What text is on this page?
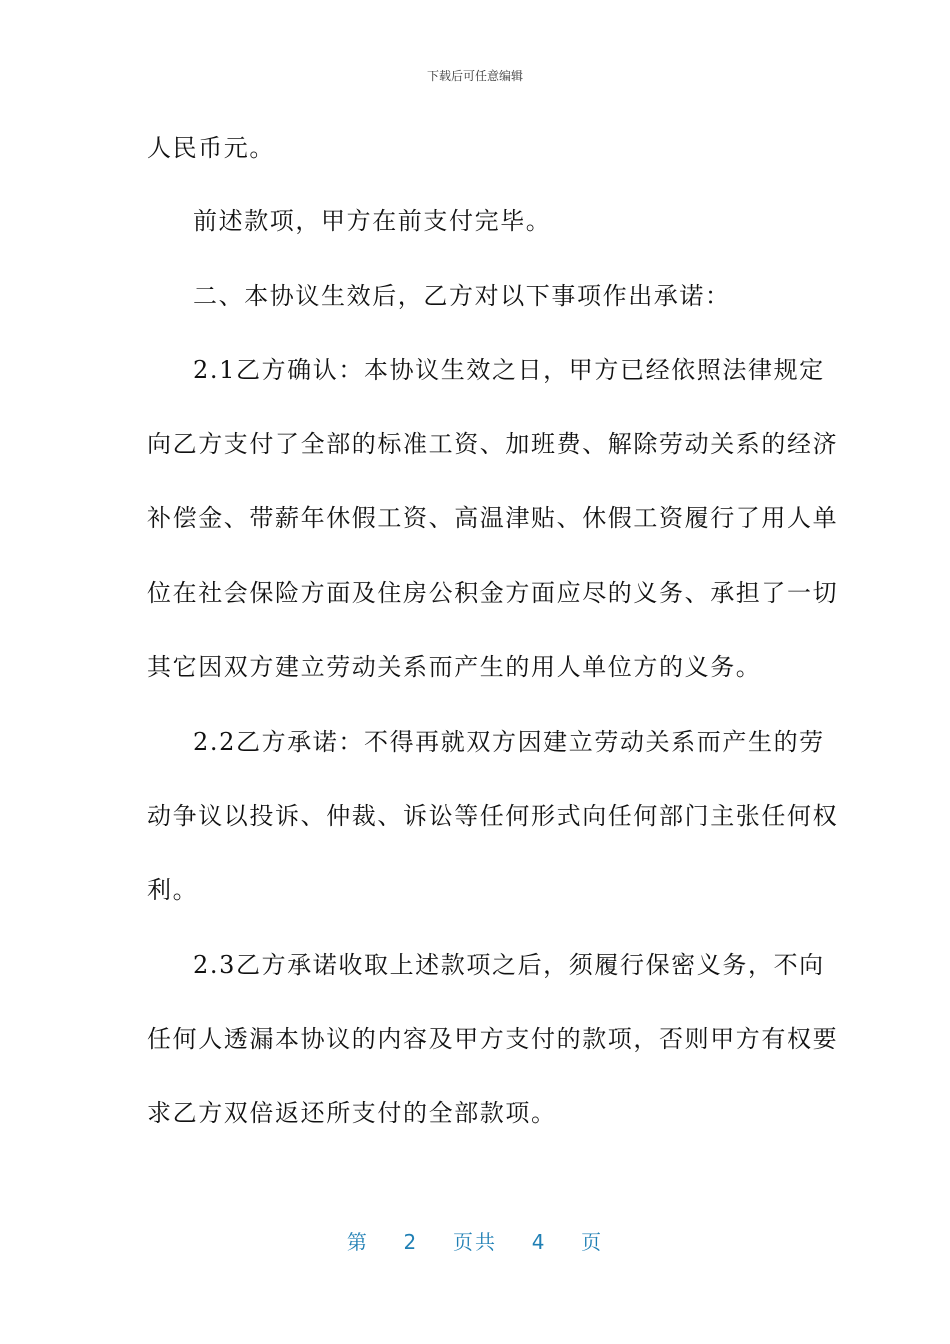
下载后可任意编辑
人民币元。
前述款项，甲方在前支付完毕。
二、本协议生效后，乙方对以下事项作出承诺：
2.1乙方确认：本协议生效之日，甲方已经依照法律规定
向乙方支付了全部的标准工资、加班费、解除劳动关系的经济
补偿金、带薪年休假工资、高温津贴、休假工资履行了用人单
位在社会保险方面及住房公积金方面应尽的义务、承担了一切
其它因双方建立劳动关系而产生的用人单位方的义务。
2.2乙方承诺：不得再就双方因建立劳动关系而产生的劳
动争议以投诉、仲裁、诉讼等任何形式向任何部门主张任何权
利。
2.3乙方承诺收取上述款项之后，须履行保密义务，不向
任何人透漏本协议的内容及甲方支付的款项，否则甲方有权要
求乙方双倍返还所支付的全部款项。
第 2 页共 4 页
